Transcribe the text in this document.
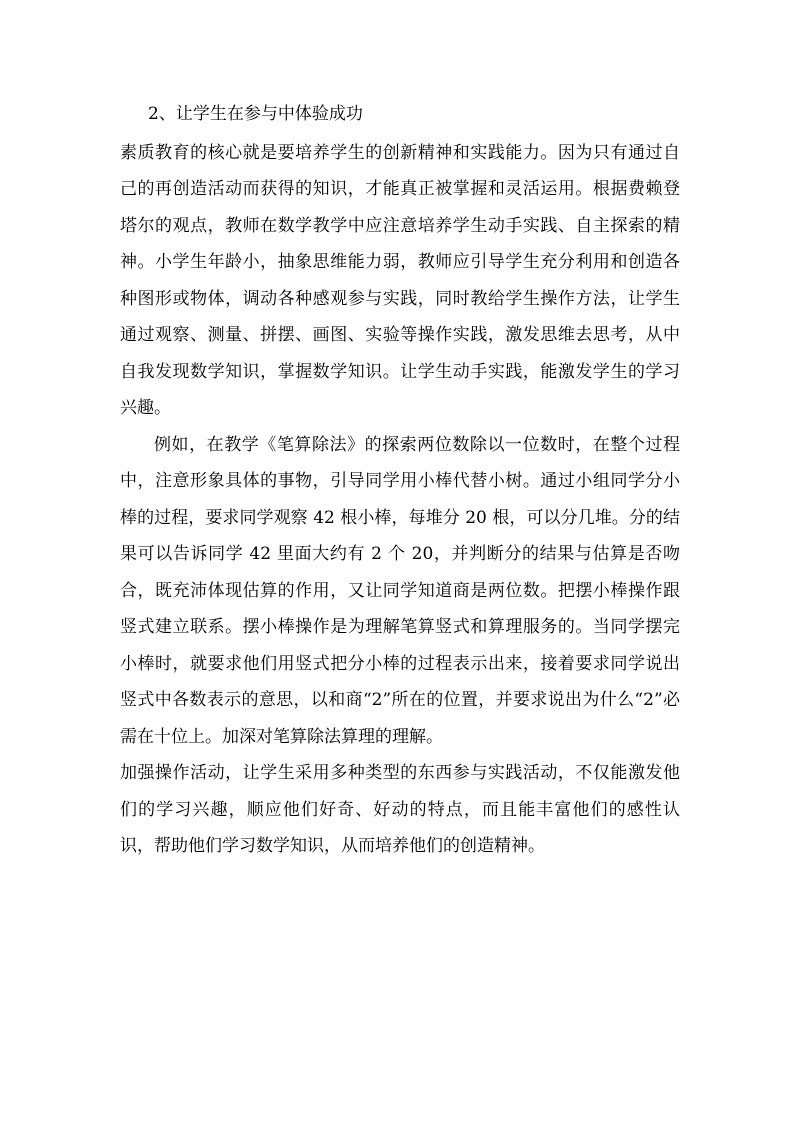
2、让学生在参与中体验成功

素质教育的核心就是要培养学生的创新精神和实践能力。因为只有通过自己的再创造活动而获得的知识，才能真正被掌握和灵活运用。根据费赖登塔尔的观点，教师在数学教学中应注意培养学生动手实践、自主探索的精神。小学生年龄小，抽象思维能力弱，教师应引导学生充分利用和创造各种图形或物体，调动各种感观参与实践，同时教给学生操作方法，让学生通过观察、测量、拼摆、画图、实验等操作实践，激发思维去思考，从中自我发现数学知识，掌握数学知识。让学生动手实践，能激发学生的学习兴趣。

例如，在教学《笔算除法》的探索两位数除以一位数时，在整个过程中，注意形象具体的事物，引导同学用小棒代替小树。通过小组同学分小棒的过程，要求同学观察 42 根小棒，每堆分 20 根，可以分几堆。分的结果可以告诉同学 42 里面大约有 2 个 20，并判断分的结果与估算是否吻合，既充沛体现估算的作用，又让同学知道商是两位数。把摆小棒操作跟竖式建立联系。摆小棒操作是为理解笔算竖式和算理服务的。当同学摆完小棒时，就要求他们用竖式把分小棒的过程表示出来，接着要求同学说出竖式中各数表示的意思，以和商“2”所在的位置，并要求说出为什么“2”必需在十位上。加深对笔算除法算理的理解。

加强操作活动，让学生采用多种类型的东西参与实践活动，不仅能激发他们的学习兴趣，顺应他们好奇、好动的特点，而且能丰富他们的感性认识，帮助他们学习数学知识，从而培养他们的创造精神。
